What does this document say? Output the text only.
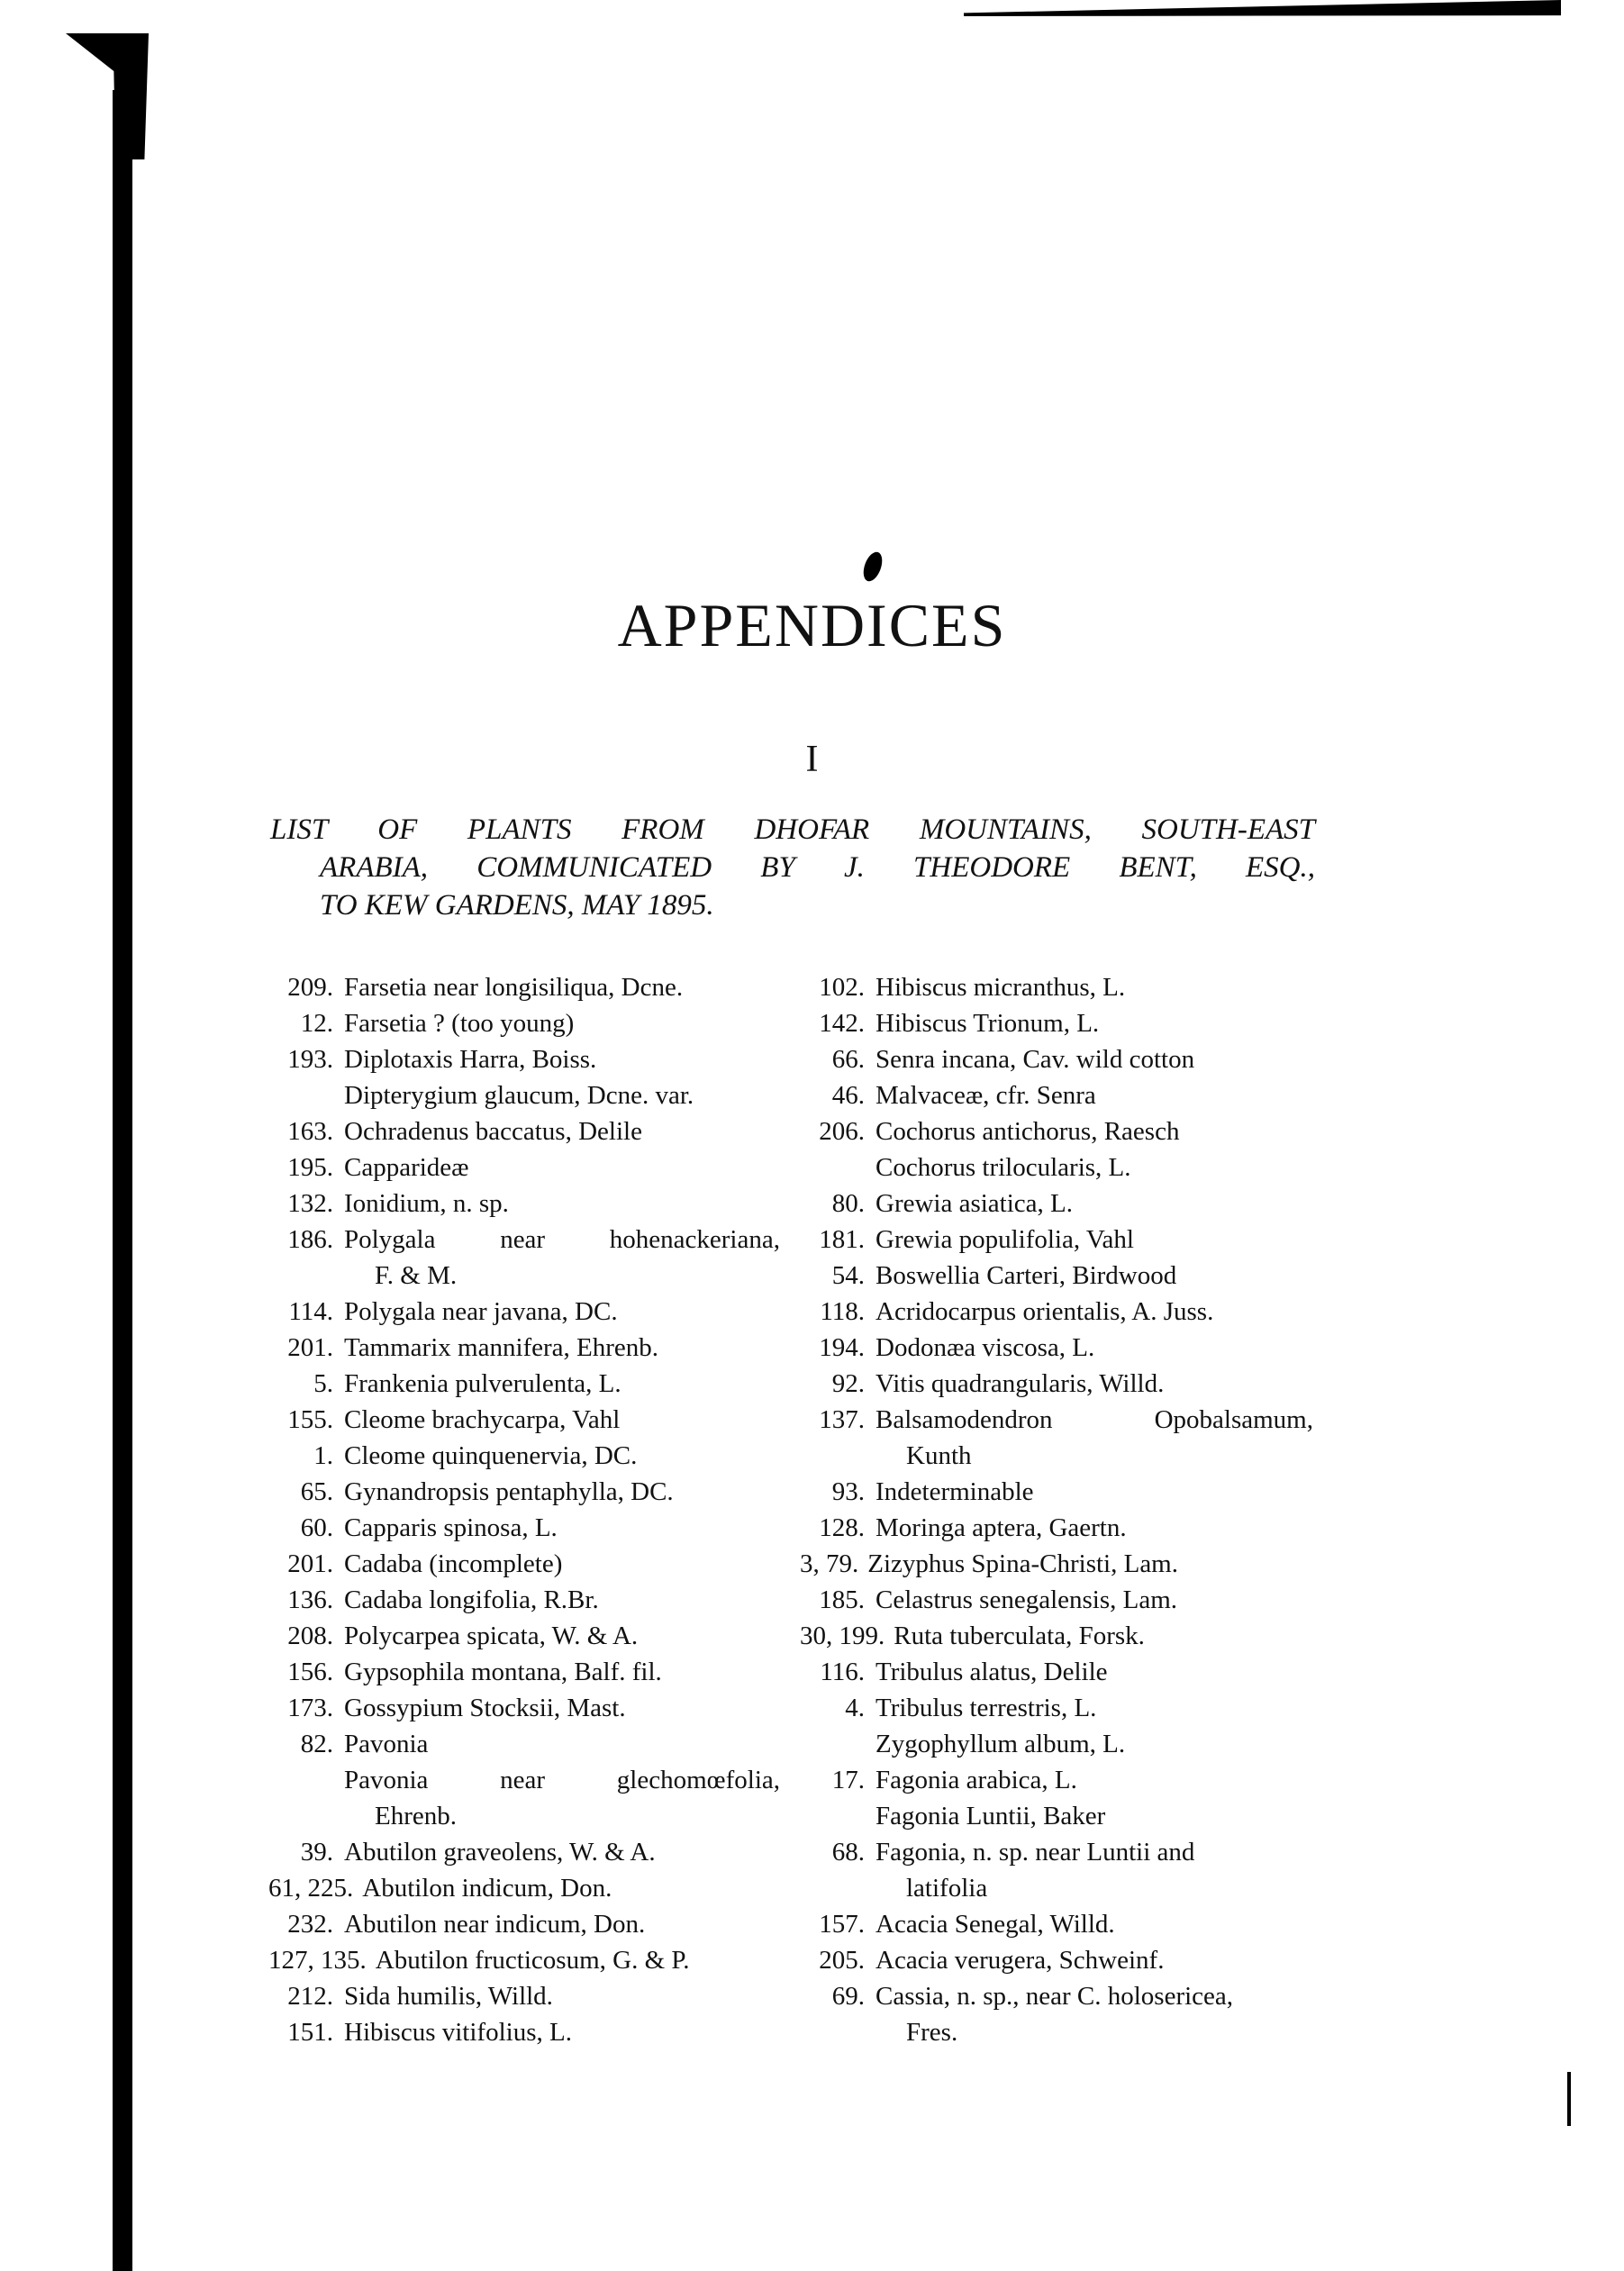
APPENDICES
I
LIST OF PLANTS FROM DHOFAR MOUNTAINS, SOUTH-EAST
ARABIA, COMMUNICATED BY J. THEODORE BENT, ESQ.,
TO KEW GARDENS, MAY 1895.
209. Farsetia near longisiliqua, Dcne.
12. Farsetia ? (too young)
193. Diplotaxis Harra, Boiss.
Dipterygium glaucum, Dcne. var.
163. Ochradenus baccatus, Delile
195. Capparideæ
132. Ionidium, n. sp.
186. Polygala near hohenackeriana,
F. & M.
114. Polygala near javana, DC.
201. Tammarix mannifera, Ehrenb.
5. Frankenia pulverulenta, L.
155. Cleome brachycarpa, Vahl
1. Cleome quinquenervia, DC.
65. Gynandropsis pentaphylla, DC.
60. Capparis spinosa, L.
201. Cadaba (incomplete)
136. Cadaba longifolia, R.Br.
208. Polycarpea spicata, W. & A.
156. Gypsophila montana, Balf. fil.
173. Gossypium Stocksii, Mast.
82. Pavonia
Pavonia near glechomœfolia,
Ehrenb.
39. Abutilon graveolens, W. & A.
61, 225. Abutilon indicum, Don.
232. Abutilon near indicum, Don.
127, 135. Abutilon fructicosum, G. & P.
212. Sida humilis, Willd.
151. Hibiscus vitifolius, L.
102. Hibiscus micranthus, L.
142. Hibiscus Trionum, L.
66. Senra incana, Cav. wild cotton
46. Malvaceæ, cfr. Senra
206. Cochorus antichorus, Raesch
Cochorus trilocularis, L.
80. Grewia asiatica, L.
181. Grewia populifolia, Vahl
54. Boswellia Carteri, Birdwood
118. Acridocarpus orientalis, A. Juss.
194. Dodonæa viscosa, L.
92. Vitis quadrangularis, Willd.
137. Balsamodendron Opobalsamum,
Kunth
93. Indeterminable
128. Moringa aptera, Gaertn.
3, 79. Zizyphus Spina-Christi, Lam.
185. Celastrus senegalensis, Lam.
30, 199. Ruta tuberculata, Forsk.
116. Tribulus alatus, Delile
4. Tribulus terrestris, L.
Zygophyllum album, L.
17. Fagonia arabica, L.
Fagonia Luntii, Baker
68. Fagonia, n. sp. near Luntii and
latifolia
157. Acacia Senegal, Willd.
205. Acacia verugera, Schweinf.
69. Cassia, n. sp., near C. holosericea,
Fres.
